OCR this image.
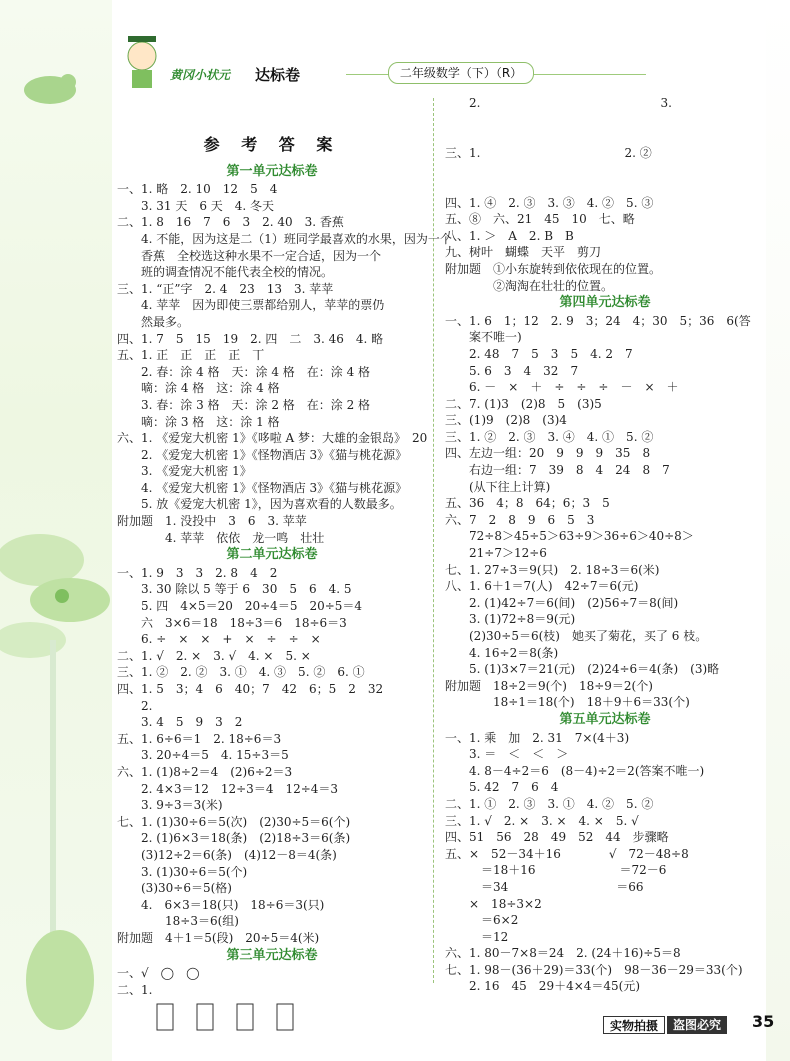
黄冈小状元 达标卷	二年级数学（下）（R）
参 考 答 案
第一单元达标卷
一、1. 略　2. 10　12　5　4
　　3. 31 天　6 天　4. 冬天
二、1. 8　16　7　6　3　2. 40　3. 香蕉
　　4. 不能，因为这是二（1）班同学最喜欢的水果，因为一个
　　香蕉　全校选这种水果不一定合适，因为一个
　　班的调查情况不能代表全校的情况。
三、1. “正”字　2. 4　23　13　3. 苹苹
　　4. 苹苹　因为即使三票都给别人，苹苹的票仍
　　然最多。
四、1. 7　5　15　19　2. 四　二　3. 46　4. 略
五、1. 正　正　正　正　丅
　　2. 春：涂 4 格　天：涂 4 格　在：涂 4 格
　　嘀：涂 4 格　这：涂 4 格
　　3. 春：涂 3 格　天：涂 2 格　在：涂 2 格
　　嘀：涂 3 格　这：涂 1 格
六、1. 《爱宠大机密 1》《哆啦 A 梦：大雄的金银岛》　20
　　2. 《爱宠大机密 1》《怪物酒店 3》《猫与桃花源》
　　3. 《爱宠大机密 1》
　　4. 《爱宠大机密 1》《怪物酒店 3》《猫与桃花源》
　　5. 放《爱宠大机密 1》，因为喜欢看的人数最多。
附加题　1. 没投中　3　6　3. 苹苹
　　　　4. 苹苹　依依　龙一鸣　壮壮
第二单元达标卷
一、1. 9　3　3　2. 8　4　2
　　3. 30 除以 5 等于 6　30　5　6　4. 5
　　5. 四　4×5＝20　20÷4＝5　20÷5＝4
　　六　3×6＝18　18÷3＝6　18÷6＝3
　　6. ÷　×　×　+　×　÷　÷　×
二、1. √　2. ×　3. √　4. ×　5. ×
三、1. ②　2. ②　3. ①　4. ③　5. ②　6. ①
四、1. 5　3；4　6　40；7　42　6；5　2　32
　　2.
　　3. 4　5　9　3　2
五、1. 6÷6＝1　2. 18÷6＝3
　　3. 20÷4＝5　4. 15÷3＝5
六、1. (1)8÷2＝4　(2)6÷2＝3
　　2. 4×3＝12　12÷3＝4　12÷4＝3
　　3. 9÷3＝3(米)
七、1. (1)30÷6＝5(次)　(2)30÷5＝6(个)
　　2. (1)6×3＝18(条)　(2)18÷3＝6(条)
　　(3)12÷2＝6(条)　(4)12－8＝4(条)
　　3. (1)30÷6＝5(个)
　　(3)30÷6＝5(格)
　　4.　6×3＝18(只)　18÷6＝3(只)
　　　　18÷3＝6(组)
附加题　4＋1＝5(段)　20÷5＝4(米)
第三单元达标卷
一、√　◯　◯
二、1.
　　2.　　　　　　　　　　　　　　　3.
三、1.　　　　　　　　　　　　2. ②
四、1. ④　2. ③　3. ③　4. ②　5. ③
五、⑧　六、21　45　10　七、略
八、1. ＞　A　2. B　B
九、树叶　蝴蝶　天平　剪刀
附加题　①小东旋转到依依现在的位置。
　　　　②淘淘在壮壮的位置。
第四单元达标卷
一、1. 6　1；12　2. 9　3；24　4；30　5；36　6(答
　　案不唯一)
　　2. 48　7　5　3　5　4. 2　7
　　5. 6　3　4　32　7
　　6. －　×　＋　÷　÷　÷　－　×　＋
二、7. (1)3　(2)8　5　(3)5
三、(1)9　(2)8　(3)4
三、1. ②　2. ③　3. ④　4. ①　5. ②
四、左边一组：20　9　9　9　35　8
　　右边一组：7　39　8　4　24　8　7
　　(从下往上计算)
五、36　4；8　64；6；3　5
六、7　2　8　9　6　5　3
　　72÷8＞45÷5＞63÷9＞36÷6＞40÷8＞
　　21÷7＞12÷6
七、1. 27÷3＝9(只)　2. 18÷3＝6(米)
八、1. 6＋1＝7(人)　42÷7＝6(元)
　　2. (1)42÷7＝6(间)　(2)56÷7＝8(间)
　　3. (1)72÷8＝9(元)
　　(2)30÷5＝6(枝)　她买了菊花，买了 6 枝。
　　4. 16÷2＝8(条)
　　5. (1)3×7＝21(元)　(2)24÷6＝4(条)　(3)略
附加题　18÷2＝9(个)　18÷9＝2(个)
　　　　18÷1＝18(个)　18＋9＋6＝33(个)
第五单元达标卷
一、1. 乘　加　2. 31　7×(4＋3)
　　3. ＝　＜　＜　＞
　　4. 8－4÷2＝6　(8－4)÷2＝2(答案不唯一)
　　5. 42　7　6　4
二、1. ①　2. ③　3. ①　4. ②　5. ②
三、1. √　2. ×　3. ×　4. ×　5. √
四、51　56　28　49　52　44　步骤略
五、×　52－34＋16　　　　√　72－48÷8
　　　＝18＋16　　　　　　　＝72－6
　　　＝34　　　　　　　　　＝66
　　×　18÷3×2
　　　＝6×2
　　　＝12
六、1. 80－7×8＝24　2. (24＋16)÷5＝8
七、1. 98－(36＋29)＝33(个)　98－36－29＝33(个)
　　2. 16　45　29＋4×4＝45(元)
实物拍摄	盗图必究	35
